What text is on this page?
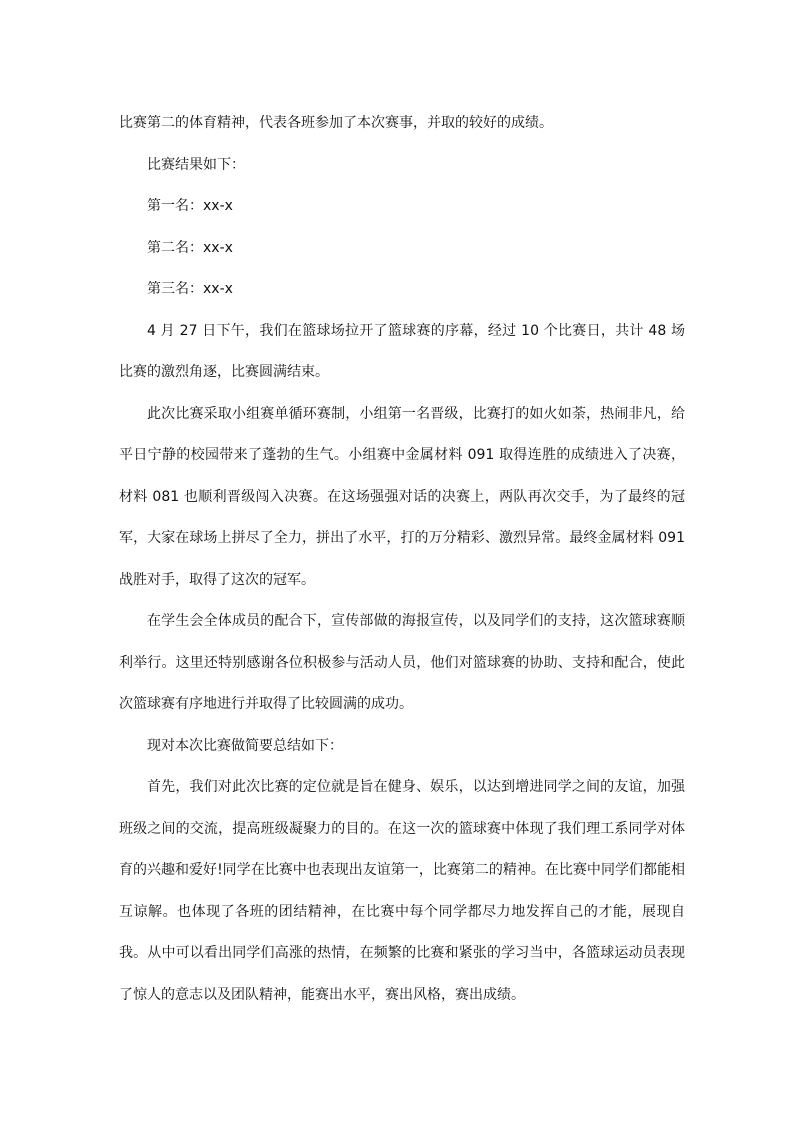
比赛第二的体育精神，代表各班参加了本次赛事，并取的较好的成绩。

比赛结果如下：

第一名：xx-x

第二名：xx-x

第三名：xx-x

4 月 27 日下午，我们在篮球场拉开了篮球赛的序幕，经过 10 个比赛日，共计 48 场比赛的激烈角逐，比赛圆满结束。

此次比赛采取小组赛单循环赛制，小组第一名晋级，比赛打的如火如荼，热闹非凡，给平日宁静的校园带来了蓬勃的生气。小组赛中金属材料 091 取得连胜的成绩进入了决赛，材料 081 也顺利晋级闯入决赛。在这场强强对话的决赛上，两队再次交手，为了最终的冠军，大家在球场上拼尽了全力，拼出了水平，打的万分精彩、激烈异常。最终金属材料 091 战胜对手，取得了这次的冠军。

在学生会全体成员的配合下，宣传部做的海报宣传，以及同学们的支持，这次篮球赛顺利举行。这里还特别感谢各位积极参与活动人员，他们对篮球赛的协助、支持和配合，使此次篮球赛有序地进行并取得了比较圆满的成功。

现对本次比赛做简要总结如下：

首先，我们对此次比赛的定位就是旨在健身、娱乐，以达到增进同学之间的友谊，加强班级之间的交流，提高班级凝聚力的目的。在这一次的篮球赛中体现了我们理工系同学对体育的兴趣和爱好!同学在比赛中也表现出友谊第一，比赛第二的精神。在比赛中同学们都能相互谅解。也体现了各班的团结精神，在比赛中每个同学都尽力地发挥自己的才能，展现自我。从中可以看出同学们高涨的热情，在频繁的比赛和紧张的学习当中，各篮球运动员表现了惊人的意志以及团队精神，能赛出水平，赛出风格，赛出成绩。
